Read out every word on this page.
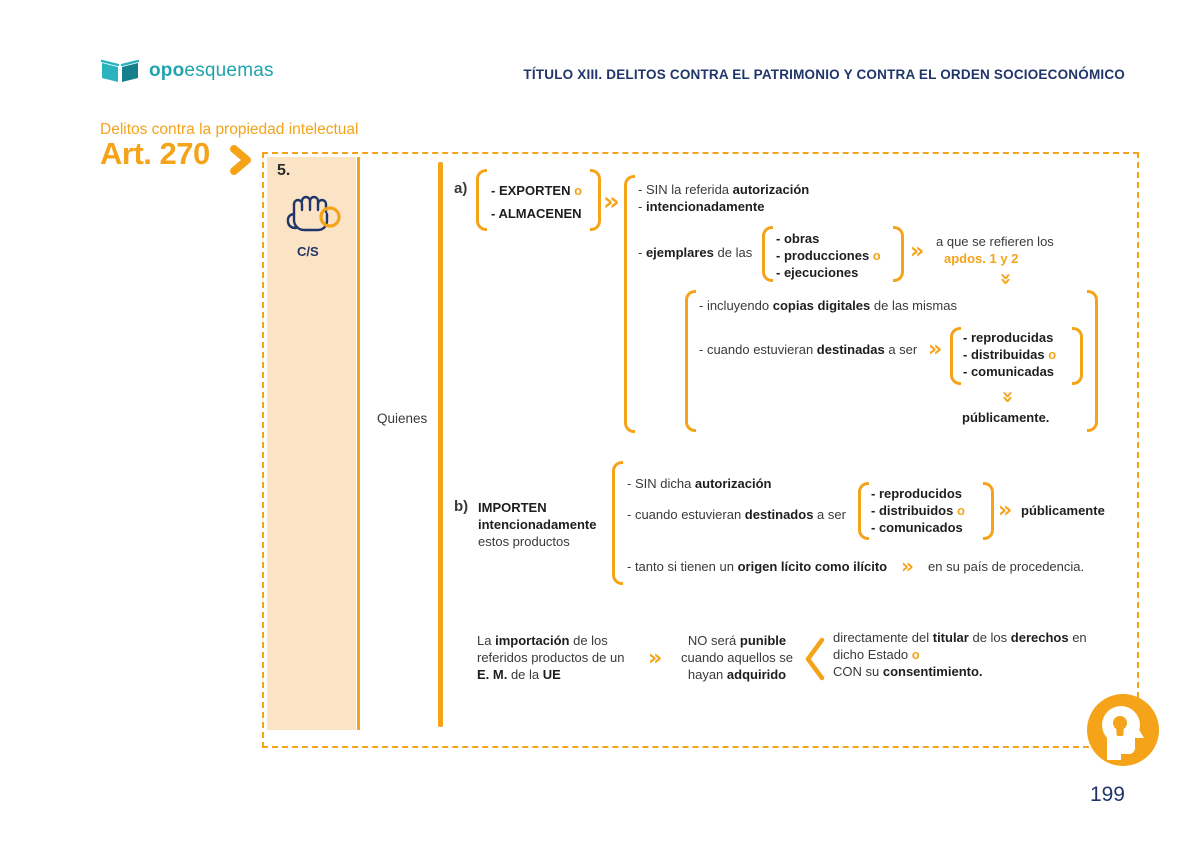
opoesquemas	TÍTULO XIII. DELITOS CONTRA EL PATRIMONIO Y CONTRA EL ORDEN SOCIOECONÓMICO
Delitos contra la propiedad intelectual
Art. 270	5.
C/S
Quienes
a) - EXPORTEN o
- ALMACENEN » - SIN la referida autorización
- intencionadamente
- ejemplares de las
- obras
- producciones o
- ejecuciones
» a que se refieren los
apdos. 1 y 2
»
- incluyendo copias digitales de las mismas
- cuando estuvieran destinadas a ser » - reproducidas
- distribuidas o
- comunicadas
»
públicamente.
b) IMPORTEN
intencionadamente
estos productos
- SIN dicha autorización
- cuando estuvieran destinados a ser
- reproducidos
- distribuidos o
- comunicados
» públicamente
- tanto si tienen un origen lícito como ilícito » en su país de procedencia.
La importación de los
referidos productos de un
E. M. de la UE
»
NO será punible
cuando aquellos se
hayan adquirido
directamente del titular de los derechos en
dicho Estado o
CON su consentimiento.
199
